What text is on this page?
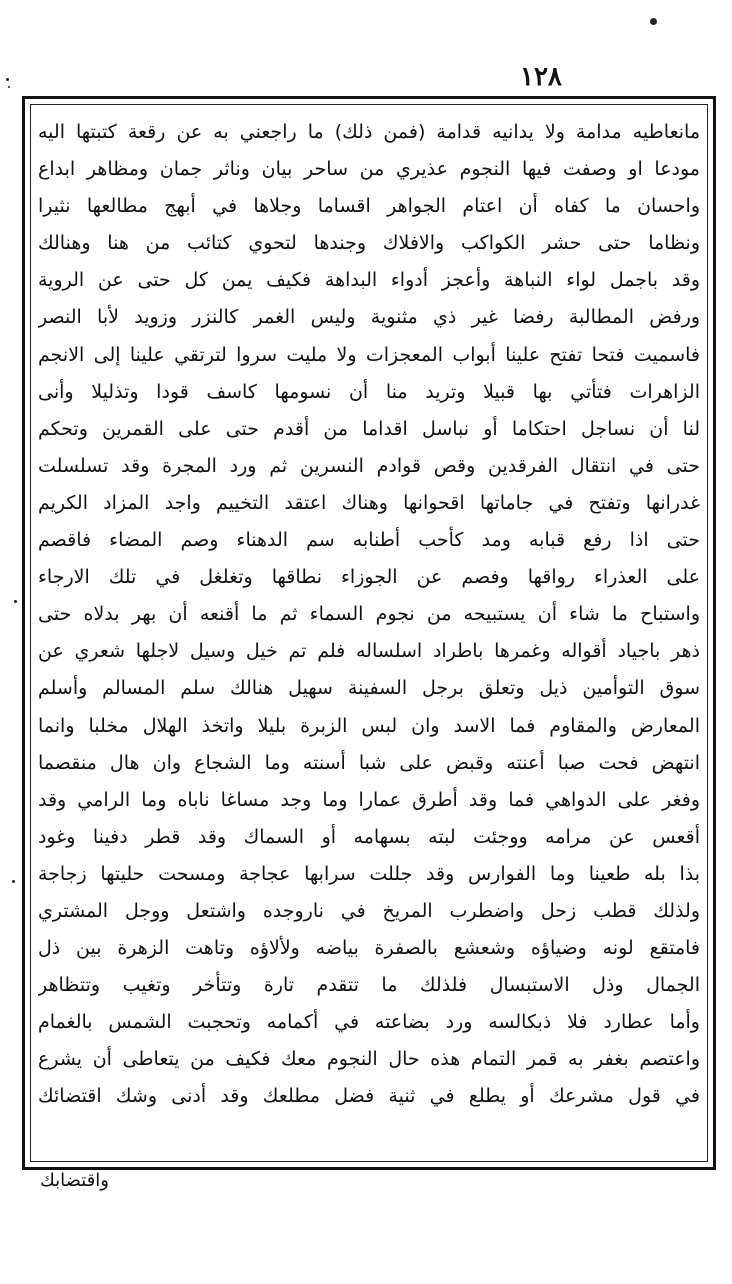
١٢٨
مانعاطيه مدامة ولا يدانيه قدامة (فمن ذلك) ما راجعني به عن رقعة كتبتها اليه
مودعا او وصفت فيها النجوم عذيري من ساحر بيان وناثر جمان ومظاهر ابداع
واحسان ما كفاه أن اعتام الجواهر اقساما وجلاها في أبهج مطالعها نثيرا
ونظاما حتى حشر الكواكب والافلاك وجندها لتحوي كتائب من هنا وهنالك
وقد باجمل لواء النباهة وأعجز أدواء البداهة فكيف يمن كل حتى عن الروية
ورفض المطالبة رفضا غير ذي مثنوية وليس الغمر كالنزر وزويد لأبا النصر
فاسميت فتحا تفتح علينا أبواب المعجزات ولا مليت سروا لترتقي علينا إلى الانجم
الزاهرات فتأتي بها قبيلا وتريد منا أن نسومها كاسف قودا وتذليلا وأنى
لنا أن نساجل احتكاما أو نباسل اقداما من أقدم حتى على القمرين وتحكم
حتى في انتقال الفرقدين وقص قوادم النسرين ثم ورد المجرة وقد تسلسلت
غدرانها وتفتح في جاماتها اقحوانها وهناك اعتقد التخييم واجد المزاد الكريم
حتى اذا رفع قبابه ومد كأحب أطنابه سم الدهناء وصم المضاء فاقصم
على العذراء رواقها وفصم عن الجوزاء نطاقها وتغلغل في تلك الارجاء
واستباح ما شاء أن يستبيحه من نجوم السماء ثم ما أقنعه أن بهر بدلاه حتى
ذهر باجياد أقواله وغمرها باطراد اسلساله فلم تم خيل وسيل لاجلها شعري عن
سوق التوأمين ذيل وتعلق برجل السفينة سهيل هنالك سلم المسالم وأسلم
المعارض والمقاوم فما الاسد وان لبس الزبرة بليلا واتخذ الهلال مخلبا وانما
انتهض فحت صبا أعنته وقبض على شبا أسنته وما الشجاع وان هال منقصما
وفغر على الدواهي فما وقد أطرق عمارا وما وجد مساغا ناباه وما الرامي وقد
أقعس عن مرامه ووجئت لبته بسهامه أو السماك وقد قطر دفينا وغود
بذا بله طعينا وما الفوارس وقد جللت سرابها عجاجة ومسحت حليتها زجاجة
ولذلك قطب زحل واضطرب المريخ في ناروجده واشتعل ووجل المشتري
فامتقع لونه وضياؤه وشعشع بالصفرة بياضه ولألاؤه وتاهت الزهرة بين ذل
الجمال وذل الاستبسال فلذلك ما تتقدم تارة وتتأخر وتغيب وتتظاهر
وأما عطارد فلا ذبكالسه ورد بضاعته في أكمامه وتحجبت الشمس بالغمام
واعتصم بغفر به قمر التمام هذه حال النجوم معك فكيف من يتعاطى أن يشرع
في قول مشرعك أو يطلع في ثنية فضل مطلعك وقد أدنى وشك اقتضائك
واقتضابك
